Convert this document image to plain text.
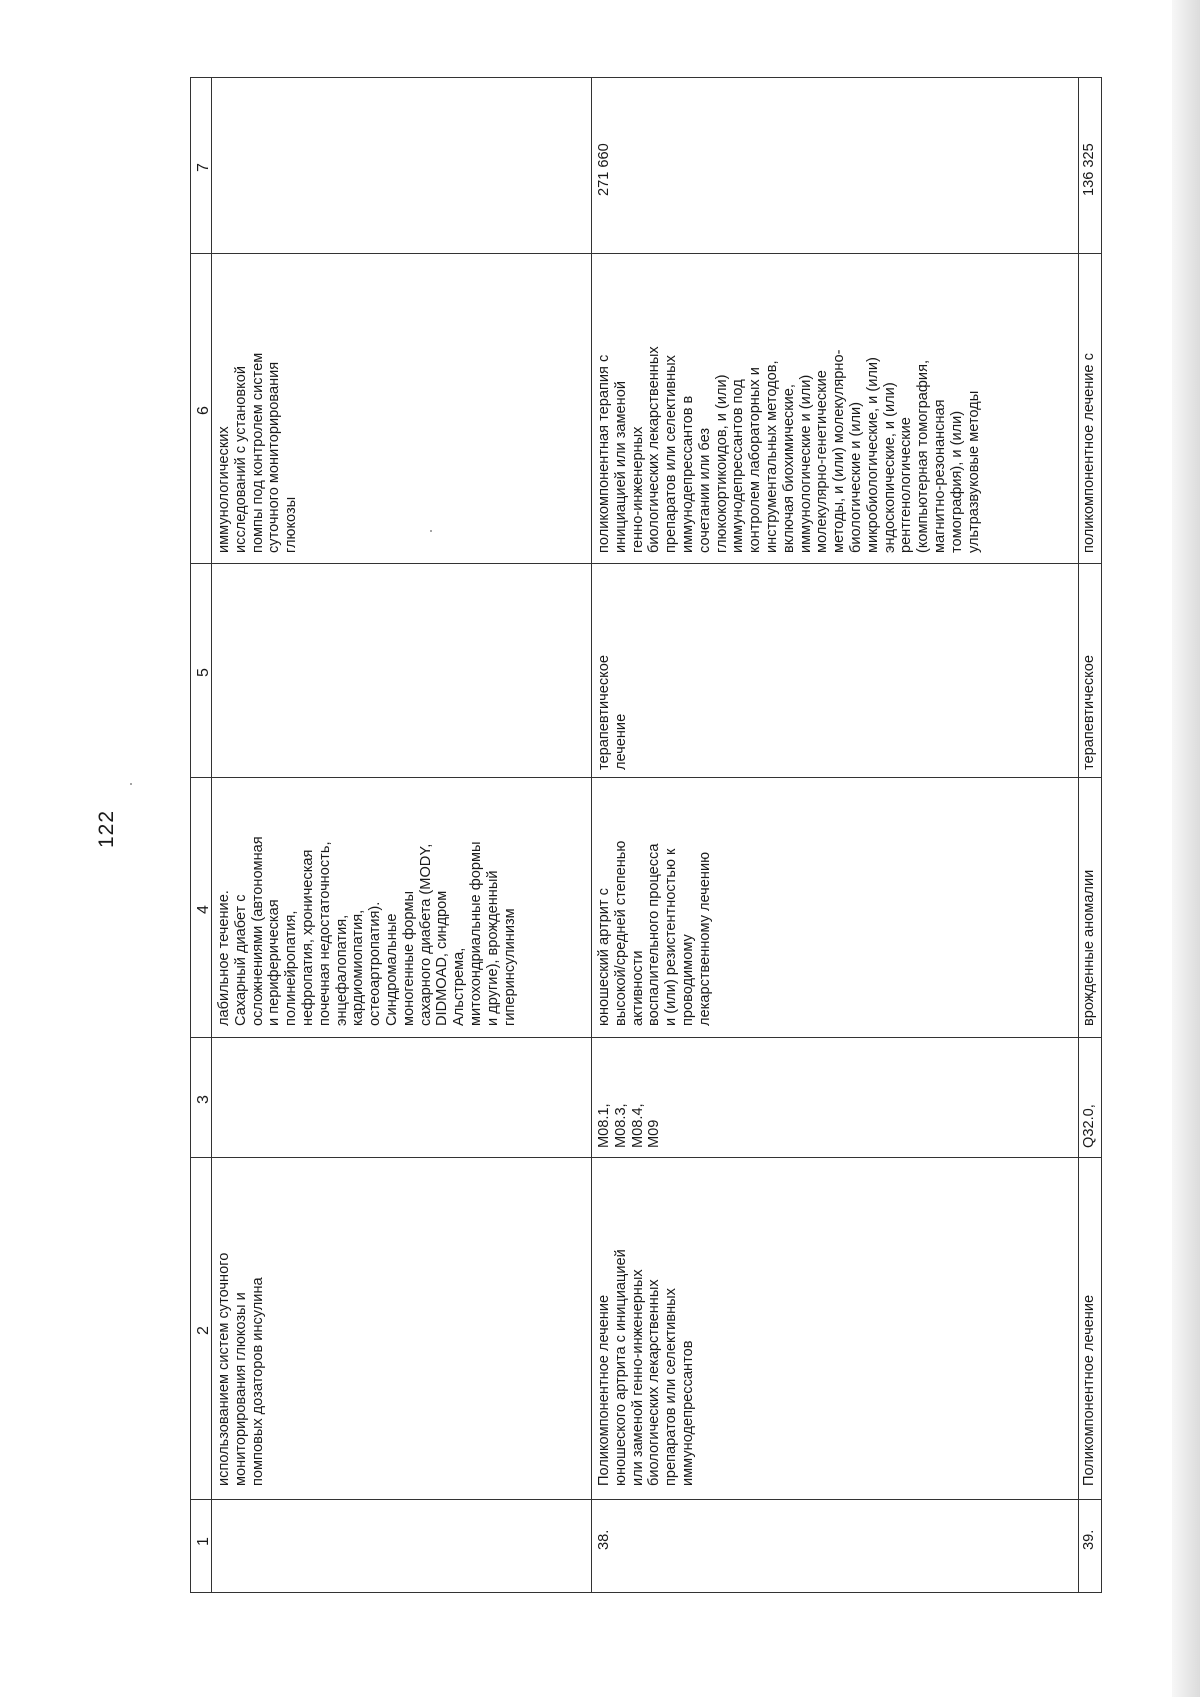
122
1
2
3
4
5
6
7
использованием систем суточного мониторирования глюкозы и помповых дозаторов инсулина
лабильное течение. Сахарный диабет с осложнениями (автономная и периферическая полинейропатия, нефропатия, хроническая почечная недостаточность, энцефалопатия, кардиомиопатия, остеоартропатия). Синдромальные моногенные формы сахарного диабета (MODY, DIDMOAD, синдром Альстрема, митохондриальные формы и другие), врожденный гиперинсулинизм
иммунологических исследований с установкой помпы под контролем систем суточного мониторирования глюкозы
38.
Поликомпонентное лечение юношеского артрита с инициацией или заменой генно-инженерных биологических лекарственных препаратов или селективных иммунодепрессантов
M08.1, M08.3, M08.4, M09
юношеский артрит с высокой/средней степенью активности воспалительного процесса и (или) резистентностью к проводимому лекарственному лечению
терапевтическое лечение
поликомпонентная терапия с инициацией или заменой генно-инженерных биологических лекарственных препаратов или селективных иммунодепрессантов в сочетании или без глюкокортикоидов, и (или) иммунодепрессантов под контролем лабораторных и инструментальных методов, включая биохимические, иммунологические и (или) молекулярно-генетические методы, и (или) молекулярно- биологические и (или) микробиологические, и (или) эндоскопические, и (или) рентгенологические (компьютерная томография, магнитно-резонансная томография), и (или) ультразвуковые методы
271 660
39.
Поликомпонентное лечение
Q32.0,
врожденные аномалии
терапевтическое
поликомпонентное лечение с
136 325
